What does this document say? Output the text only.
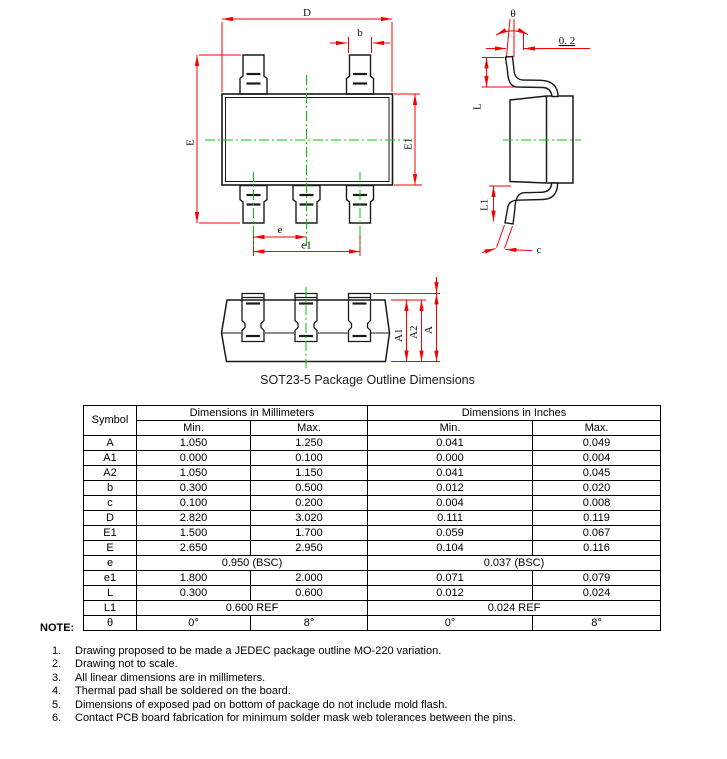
D
b
E	E1
e
e1
θ
0. 2
L
L1
c
A1 A2 A
SOT23-5 Package Outline Dimensions
Symbol	Dimensions in Millimeters		Dimensions in Inches	
	Min.	Max.	Min.	Max.
A	1.050	1.250	0.041	0.049
A1	0.000	0.100	0.000	0.004
A2	1.050	1.150	0.041	0.045
b	0.300	0.500	0.012	0.020
c	0.100	0.200	0.004	0.008
D	2.820	3.020	0.111	0.119
E1	1.500	1.700	0.059	0.067
E	2.650	2.950	0.104	0.116
e	0.950 (BSC)		0.037 (BSC)	
e1	1.800	2.000	0.071	0.079
L	0.300	0.600	0.012	0.024
L1	0.600 REF		0.024 REF	
θ	0°	8°	0°	8°
NOTE:
1.	Drawing proposed to be made a JEDEC package outline MO-220 variation.
2.	Drawing not to scale.
3.	All linear dimensions are in millimeters.
4.	Thermal pad shall be soldered on the board.
5.	Dimensions of exposed pad on bottom of package do not include mold flash.
6.	Contact PCB board fabrication for minimum solder mask web tolerances between the pins.
